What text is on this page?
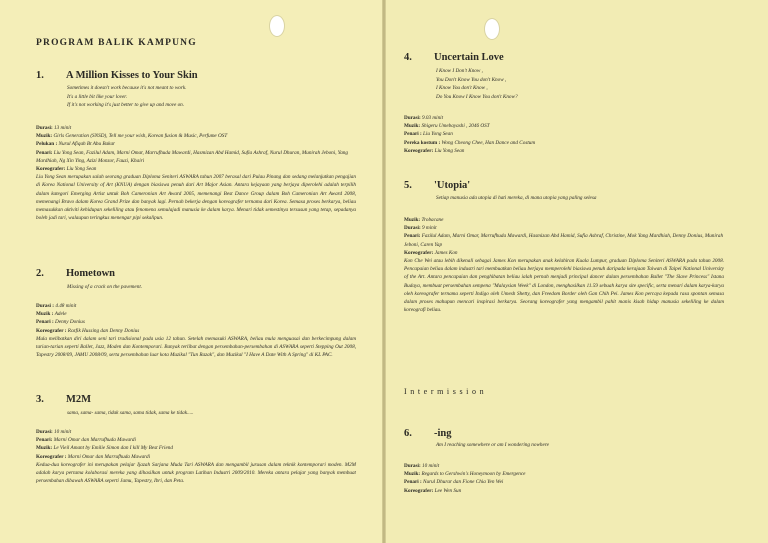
PROGRAM BALIK KAMPUNG
1.	A Million Kisses to Your Skin
Sometimes it doesn't work because it's not meant to work.
It's a little bit like your lover.
If it's not working it's just better to give up and move on.
Durasi: 13 minit
Muzik: Girls Generation (SNSD), Tell me your wish, Korean fusion & Music, Perfume OST
Pelukan : Nurul Afiqah Bt Abu Bakar
Penari: Liu Yong Sean, Fazilul Adam, Marni Omar, Marrufhuda Mawardi, Hasmizan Abd Hamid, Sufia Ashraf, Nurul Dhuran, Munirah Jeboni, Yang Mardhiah, Ng Xin Ying, Azizi Monzor, Fauzi, Khairi
Koreografer: Liu Yong Sean
Liu Yong Sean merupakan salah seorang graduan Diploma Seniteri ASWARA tahun 2007 berasal dari Pulau Pinang dan sedang melanjutkan pengajian di Korea National University of Art (KNUA) dengan biasiswa penuh dari Art Major Asian. Antara kejayaan yang berjaya diperolehi adalah terpilih dalam kategori Emerging Artist untuk Boh Cameronian Art Award 2005, memenangi Best Dance Group dalam Boh Cameronian Art Award 2008, memenangi Bravo dalam Korea Grand Prize dan banyak lagi. Pernah bekerja dengan koreografer ternama dari Korea. Semasa proses berkarya, beliau memasukkan aktiviti kehidupan sekeliling atau fenomena semulajadi manusia ke dalam karya. Menari tidak semestinya tersusun yang tetap, sepadanya boleh jadi tari, walaupun teringkus menengar pipi sekalipun.
2.	Hometown
Missing of a crack on the pavement.
Durasi : 4.48 minit
Muzik : Adele
Penari : Denny Donius
Koreografer : Rozfik Hussing dan Denny Donius
Mula melibatkan diri dalam seni tari tradisional pada usia 12 tahun. Setelah memasuki ASWARA, beliau mula menguasai dan berkecimpung dalam tarian-tarian seperti Ballet, Jazz, Moden dan Kontemporari. Banyak terlibat dengan persembahan-persembahan di ASWARA seperti Stepping Out 2008, Tapestry 2008/09, JAMU 2008/09, serta persembahan luar kota Muzikal "Tun Razak", dan Muzikal "I Have A Date With A Spring" di KL PAC.
3.	M2M
sama, sama- sama, tidak sama, sama tidak, sama ke tidak.....
Durasi: 10 minit
Penari: Marni Omar dan Marrufhuda Mawardi
Muzik: Le Vieil Amant by Emilie Simon dan I kill My Best Friend
Koreografer : Marni Omar dan Marrufhuda Mawardi
Kedua-dua koreografer ini merupakan pelajar Ijazah Sarjana Muda Tari ASWARA dan mengambil jurusan dalam teknik kontemporari moden. M2M adalah karya pertama kolaborasi mereka yang dihasilkan untuk program Latihan Industri 2009/2010. Mereka antara pelajar yang banyak membuat persembahan dibawah ASWARA seperti Jamu, Tapestry, Ibri, dan Peta.
4.	Uncertain Love
I Know I Don't Know ,
You Don't Know You don't Know ,
I Know You don't Know ,
Do You Know I Know You don't Know?
Durasi: 9.03 minit
Muzik: Shigeru Umebayashi , 2046 OST
Penari : Liu Yong Sean
Pereka kostum : Wong Cheong Chee, Han Dance and Costum
Koreografer: Liu Yong Sean
5.	'Utopia'
Setiap manusia ada utopia di hati mereka, di mana utopia yang paling selesa
Muzik: Trobacane
Durasi: 9 minit
Penari: Fazilul Adam, Marni Omar, Marrufhuda Mawardi, Hasmizan Abd Hamid, Sufia Ashraf, Christine, Mok Yang Mardhiah, Denny Donius, Munirah Jeboni, Caren Yap
Koreografer: James Kon
Kon Che Wei atau lebih dikenali sebagai James Kon merupakan anak kelahiran Kuala Lumpur, graduan Diploma Seniteri ASWARA pada tahun 2008. Pencapaian beliau dalam industri tari membuatkan beliau berjaya memperolehi biasiswa penuh daripada kerajaan Taiwan di Taipei National University of the Art. Antara pencapaian dan penghibatan beliau ialah pernah menjadi principal dancer dalam persembahan Ballet "The Slave Princess" Istana Budaya, membuat persembahan sempena "Malaysian Week" di London, menghasilkan 11.59 sebuah karya site specific, serta menari dalam karya-karya oleh koreografer ternama seperti Indigo oleh Umesh Shetty, dan Freedom Border oleh Gan Chih Pei. James Kon percaya kepada rasa spontan semasa dalam proses mahupun mencari inspirasi berkarya. Seorang koreografer yang mengambil pahit manis kisah hidup manusia sekeliling ke dalam koreografi beliau.
Intermission
6.	-ing
Am I reaching somewhere or am I wondering nowhere
Durasi: 10 minit
Muzik: Regards to Gershwin's Honeymoon by Emergence
Penari : Nurul Dhurar dan Fione Chia Yen Wei
Koreografer: Lee Wen Sun
